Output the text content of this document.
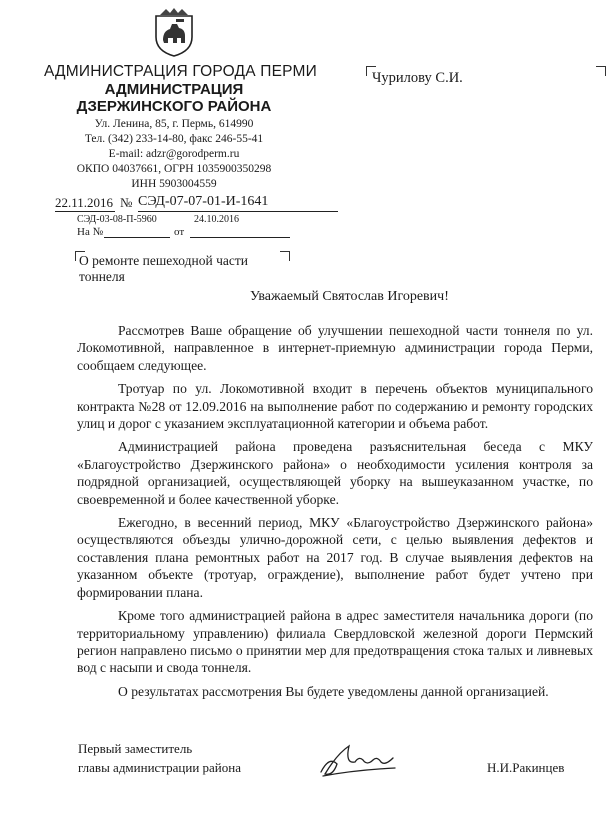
АДМИНИСТРАЦИЯ ГОРОДА ПЕРМИ
АДМИНИСТРАЦИЯ
ДЗЕРЖИНСКОГО РАЙОНА
Ул. Ленина, 85, г. Пермь, 614990
Тел. (342) 233-14-80, факс 246-55-41
E-mail: adzr@gorodperm.ru
ОКПО 04037661, ОГРН 1035900350298
ИНН 5903004559
Чурилову С.И.
22.11.2016 № СЭД-07-07-01-И-1641
СЭД-03-08-П-5960	24.10.2016
На №	от
О ремонте пешеходной части
тоннеля
Уважаемый Святослав Игоревич!

Рассмотрев Ваше обращение об улучшении пешеходной части тоннеля по ул. Локомотивной, направленное в интернет-приемную администрации города Перми, сообщаем следующее.

Тротуар по ул. Локомотивной входит в перечень объектов муниципального контракта №28 от 12.09.2016 на выполнение работ по содержанию и ремонту городских улиц и дорог с указанием эксплуатационной категории и объема работ.

Администрацией района проведена разъяснительная беседа с МКУ «Благоустройство Дзержинского района» о необходимости усиления контроля за подрядной организацией, осуществляющей уборку на вышеуказанном участке, по своевременной и более качественной уборке.

Ежегодно, в весенний период, МКУ «Благоустройство Дзержинского района» осуществляются объезды улично-дорожной сети, с целью выявления дефектов и составления плана ремонтных работ на 2017 год. В случае выявления дефектов на указанном объекте (тротуар, ограждение), выполнение работ будет учтено при формировании плана.

Кроме того администрацией района в адрес заместителя начальника дороги (по территориальному управлению) филиала Свердловской железной дороги Пермский регион направлено письмо о принятии мер для предотвращения стока талых и ливневых вод с насыпи и свода тоннеля.

О результатах рассмотрения Вы будете уведомлены данной организацией.

Первый заместитель
главы администрации района	Н.И.Ракинцев
